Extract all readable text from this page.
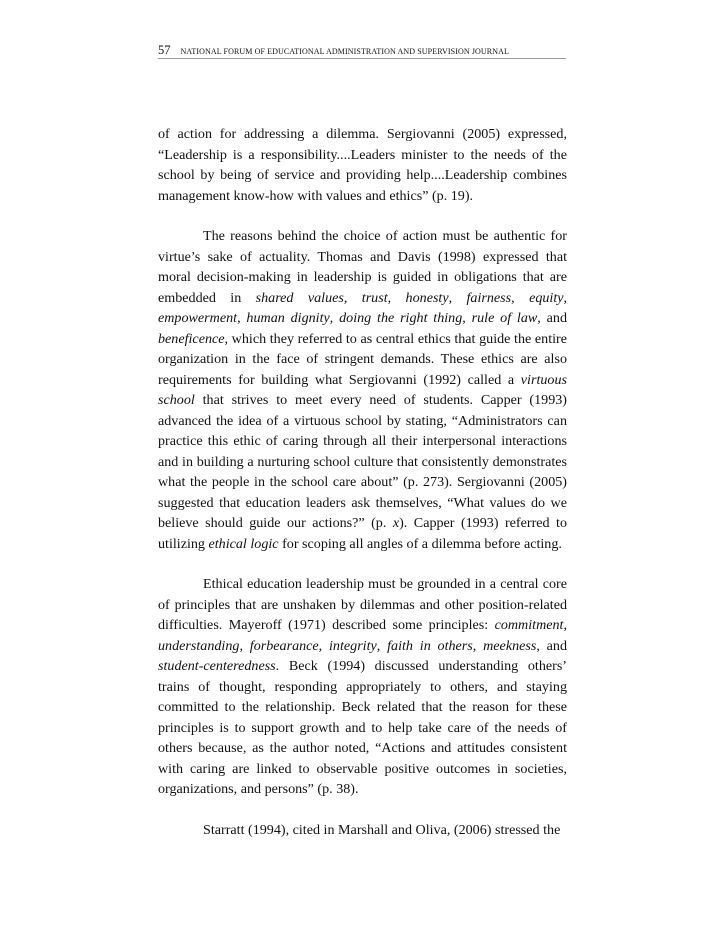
57 NATIONAL FORUM OF EDUCATIONAL ADMINISTRATION AND SUPERVISION JOURNAL

of action for addressing a dilemma. Sergiovanni (2005) expressed, “Leadership is a responsibility....Leaders minister to the needs of the school by being of service and providing help....Leadership combines management know-how with values and ethics” (p. 19).

The reasons behind the choice of action must be authentic for virtue’s sake of actuality. Thomas and Davis (1998) expressed that moral decision-making in leadership is guided in obligations that are embedded in shared values, trust, honesty, fairness, equity, empowerment, human dignity, doing the right thing, rule of law, and beneficence, which they referred to as central ethics that guide the entire organization in the face of stringent demands. These ethics are also requirements for building what Sergiovanni (1992) called a virtuous school that strives to meet every need of students. Capper (1993) advanced the idea of a virtuous school by stating, “Administrators can practice this ethic of caring through all their interpersonal interactions and in building a nurturing school culture that consistently demonstrates what the people in the school care about” (p. 273). Sergiovanni (2005) suggested that education leaders ask themselves, “What values do we believe should guide our actions?” (p. x). Capper (1993) referred to utilizing ethical logic for scoping all angles of a dilemma before acting.

Ethical education leadership must be grounded in a central core of principles that are unshaken by dilemmas and other position-related difficulties. Mayeroff (1971) described some principles: commitment, understanding, forbearance, integrity, faith in others, meekness, and student-centeredness. Beck (1994) discussed understanding others’ trains of thought, responding appropriately to others, and staying committed to the relationship. Beck related that the reason for these principles is to support growth and to help take care of the needs of others because, as the author noted, “Actions and attitudes consistent with caring are linked to observable positive outcomes in societies, organizations, and persons” (p. 38).

Starratt (1994), cited in Marshall and Oliva, (2006) stressed the
